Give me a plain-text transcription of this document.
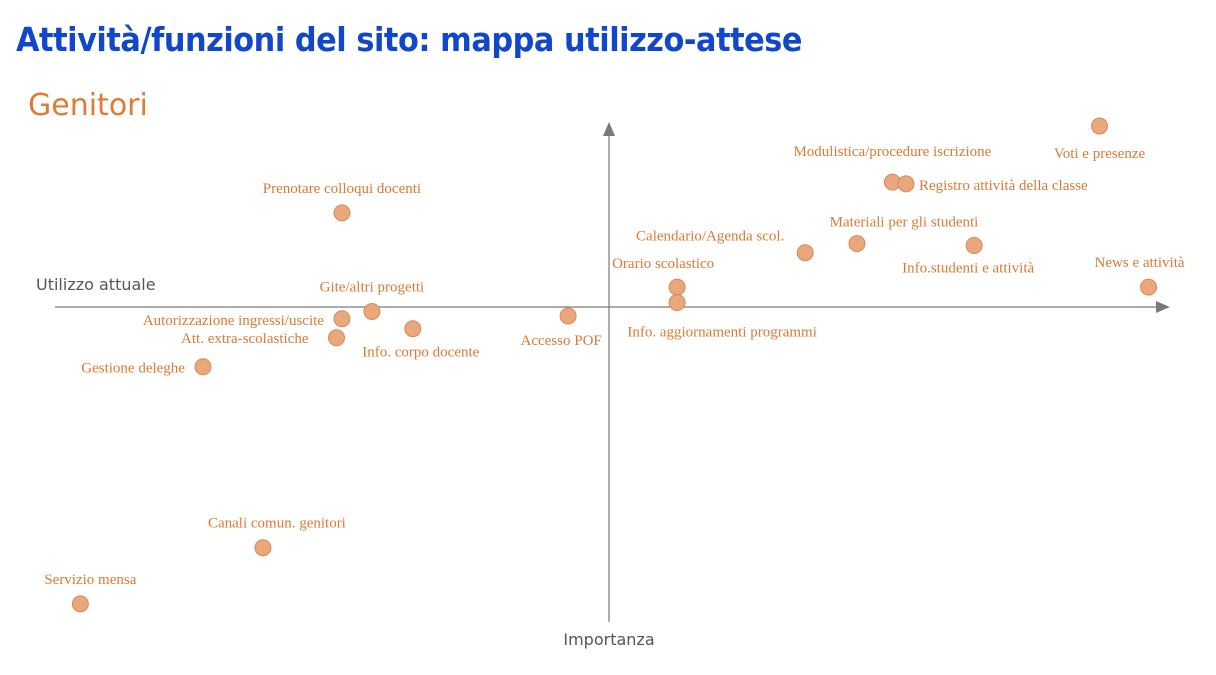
Attività/funzioni del sito: mappa utilizzo-attese
Genitori
Utilizzo attuale
Importanza
Voti e presenze
Modulistica/procedure iscrizione
Registro attività della classe
Materiali per gli studenti
Info.studenti e attività
Calendario/Agenda scol.
News e attività
Orario scolastico
Info. aggiornamenti programmi
Accesso POF
Prenotare colloqui docenti
Gite/altri progetti
Autorizzazione ingressi/uscite
Info. corpo docente
Att. extra-scolastiche
Gestione deleghe
Canali comun. genitori
Servizio mensa
